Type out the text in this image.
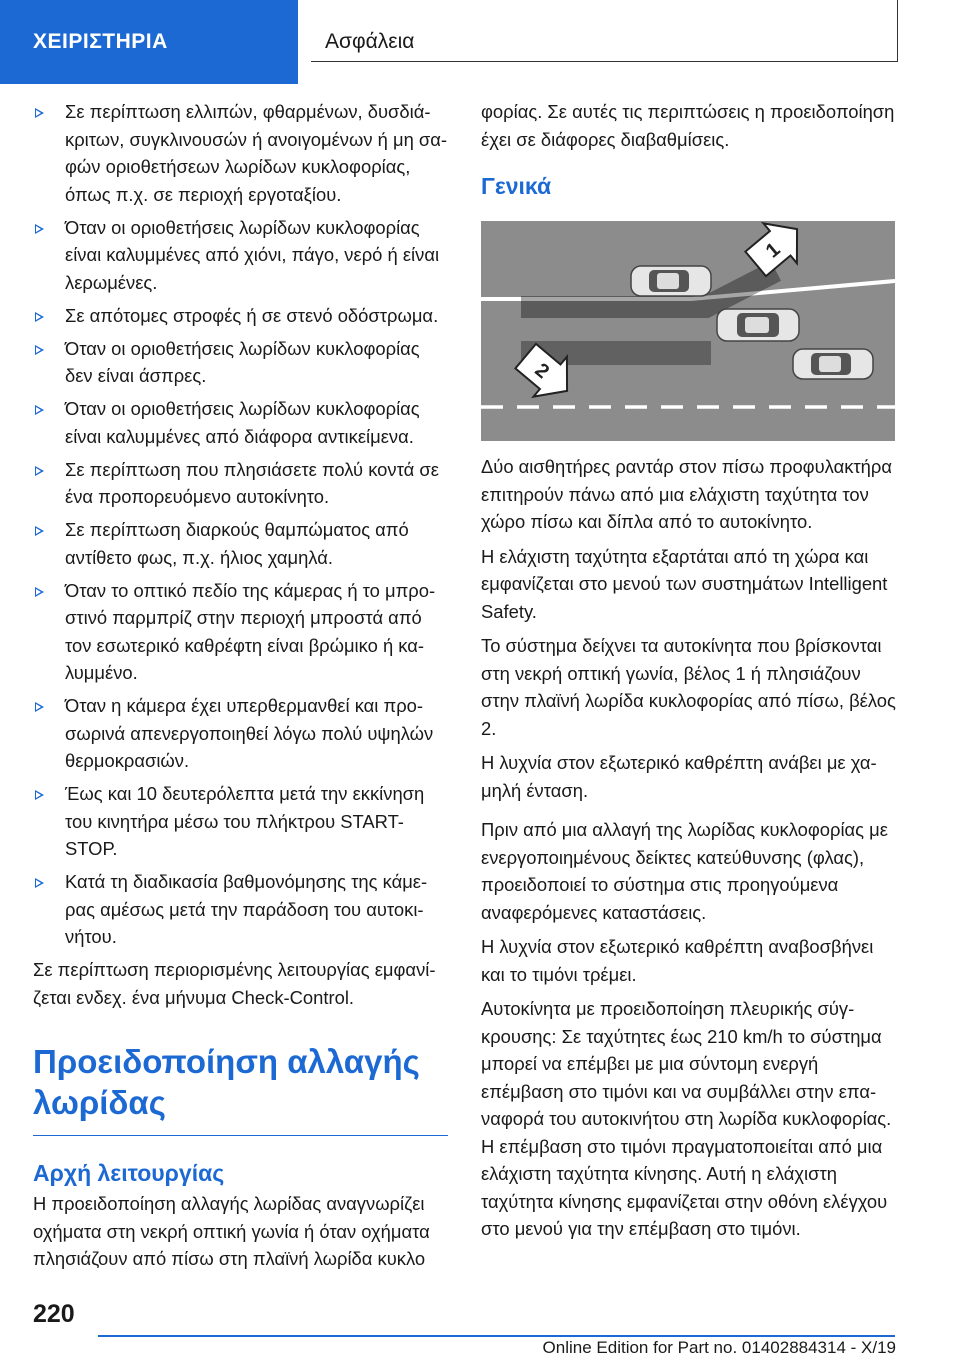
ΧΕΙΡΙΣΤΗΡΙΑ	Ασφάλεια
Σε περίπτωση ελλιπών, φθαρμένων, δυσδιάκριτων, συγκλινουσών ή ανοιγομένων ή μη σαφών οριοθετήσεων λωρίδων κυκλοφορίας, όπως π.χ. σε περιοχή εργοταξίου.
Όταν οι οριοθετήσεις λωρίδων κυκλοφορίας είναι καλυμμένες από χιόνι, πάγο, νερό ή είναι λερωμένες.
Σε απότομες στροφές ή σε στενό οδόστρωμα.
Όταν οι οριοθετήσεις λωρίδων κυκλοφορίας δεν είναι άσπρες.
Όταν οι οριοθετήσεις λωρίδων κυκλοφορίας είναι καλυμμένες από διάφορα αντικείμενα.
Σε περίπτωση που πλησιάσετε πολύ κοντά σε ένα προπορευόμενο αυτοκίνητο.
Σε περίπτωση διαρκούς θαμπώματος από αντίθετο φως, π.χ. ήλιος χαμηλά.
Όταν το οπτικό πεδίο της κάμερας ή το μπροστινό παρμπρίζ στην περιοχή μπροστά από τον εσωτερικό καθρέφτη είναι βρώμικο ή καλυμμένο.
Όταν η κάμερα έχει υπερθερμανθεί και προσωρινά απενεργοποιηθεί λόγω πολύ υψηλών θερμοκρασιών.
Έως και 10 δευτερόλεπτα μετά την εκκίνηση του κινητήρα μέσω του πλήκτρου START-STOP.
Κατά τη διαδικασία βαθμονόμησης της κάμερας αμέσως μετά την παράδοση του αυτοκινήτου.

Σε περίπτωση περιορισμένης λειτουργίας εμφανίζεται ενδεχ. ένα μήνυμα Check-Control.

Προειδοποίηση αλλαγής λωρίδας
Αρχή λειτουργίας

Η προειδοποίηση αλλαγής λωρίδας αναγνωρίζει οχήματα στη νεκρή οπτική γωνία ή όταν οχήματα πλησιάζουν από πίσω στη πλαϊνή λωρίδα κυκλο

φορίας. Σε αυτές τις περιπτώσεις η προειδοποίηση έχει σε διάφορες διαβαθμίσεις.

Γενικά
1
2

Δύο αισθητήρες ραντάρ στον πίσω προφυλακτήρα επιτηρούν πάνω από μια ελάχιστη ταχύτητα τον χώρο πίσω και δίπλα από το αυτοκίνητο.

Η ελάχιστη ταχύτητα εξαρτάται από τη χώρα και εμφανίζεται στο μενού των συστημάτων Intelligent Safety.

Το σύστημα δείχνει τα αυτοκίνητα που βρίσκονται στη νεκρή οπτική γωνία, βέλος 1 ή πλησιάζουν στην πλαϊνή λωρίδα κυκλοφορίας από πίσω, βέλος 2.

Η λυχνία στον εξωτερικό καθρέπτη ανάβει με χαμηλή ένταση.

Πριν από μια αλλαγή της λωρίδας κυκλοφορίας με ενεργοποιημένους δείκτες κατεύθυνσης (φλας), προειδοποιεί το σύστημα στις προηγούμενα αναφερόμενες καταστάσεις.

Η λυχνία στον εξωτερικό καθρέπτη αναβοσβήνει και το τιμόνι τρέμει.

Αυτοκίνητα με προειδοποίηση πλευρικής σύγκρουσης: Σε ταχύτητες έως 210 km/h το σύστημα μπορεί να επέμβει με μια σύντομη ενεργή επέμβαση στο τιμόνι και να συμβάλλει στην επαναφορά του αυτοκινήτου στη λωρίδα κυκλοφορίας. Η επέμβαση στο τιμόνι πραγματοποιείται από μια ελάχιστη ταχύτητα κίνησης. Αυτή η ελάχιστη ταχύτητα κίνησης εμφανίζεται στην οθόνη ελέγχου στο μενού για την επέμβαση στο τιμόνι.

220
Online Edition for Part no. 01402884314 - X/19
